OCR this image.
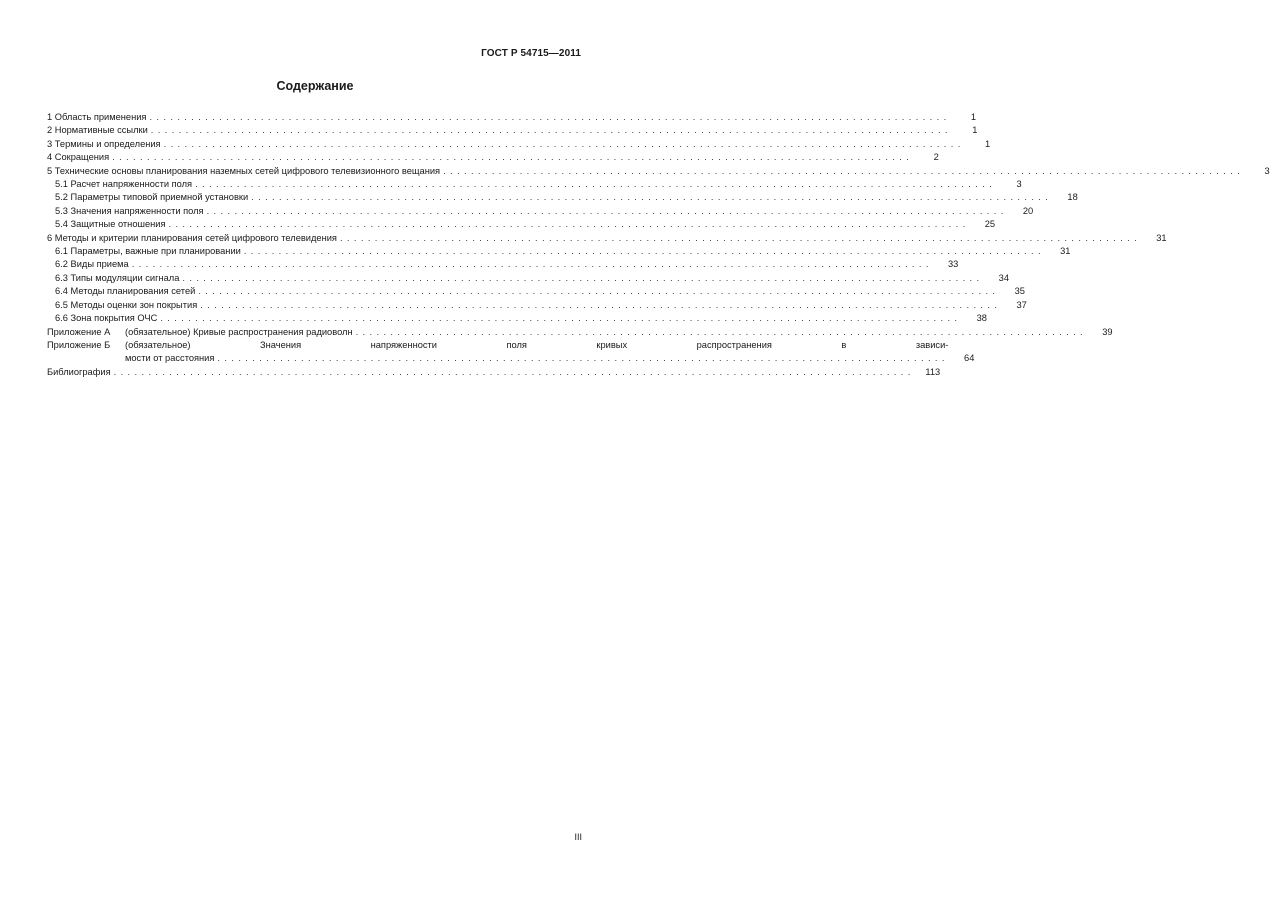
ГОСТ Р 54715—2011
Содержание
1 Область применения . . .	1
2 Нормативные ссылки . . .	1
3 Термины и определения . . .	1
4 Сокращения . . .	2
5 Технические основы планирования наземных сетей цифрового телевизионного вещания . . .	3
5.1 Расчет напряженности поля . . .	3
5.2 Параметры типовой приемной установки . . .	18
5.3 Значения напряженности поля . . .	20
5.4 Защитные отношения . . .	25
6 Методы и критерии планирования сетей цифрового телевидения . . .	31
6.1 Параметры, важные при планировании . . .	31
6.2 Виды приема . . .	33
6.3 Типы модуляции сигнала . . .	34
6.4 Методы планирования сетей . . .	35
6.5 Методы оценки зон покрытия . . .	37
6.6 Зона покрытия ОЧС . . .	38
Приложение А	(обязательное) Кривые распространения радиоволн . . .	39
Приложение Б	(обязательное) Значения напряженности поля кривых распространения в зависи-
мости от расстояния . . .	64
Библиография . . .	113
III
